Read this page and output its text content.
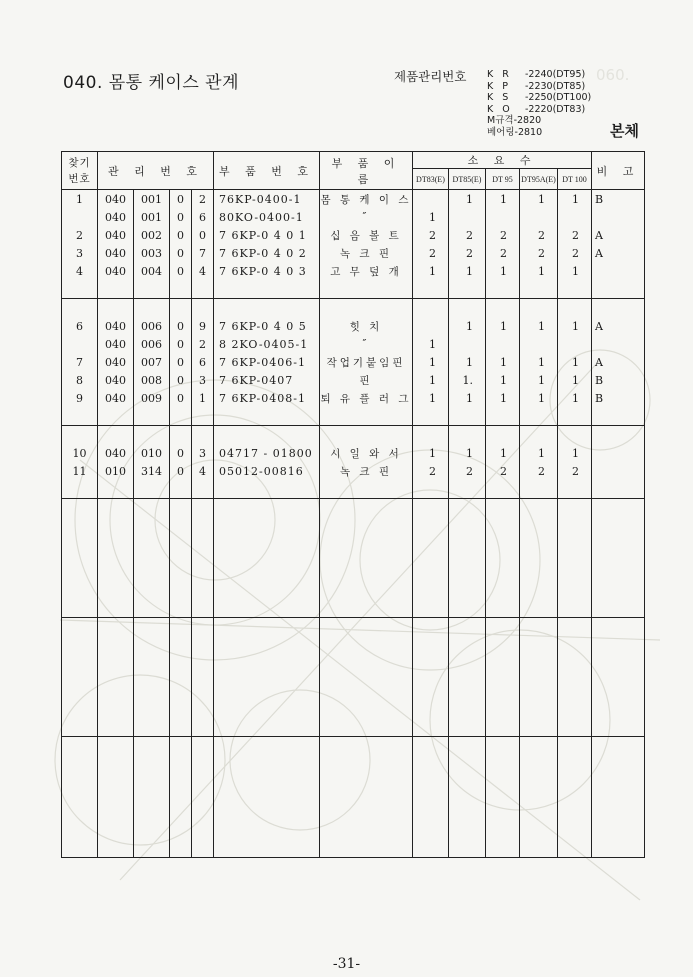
060.
040. 몸통 케이스 관계	제품관리번호 K R -2240(DT95)
K P -2230(DT85)
K S -2250(DT100)
K O -2220(DT83)
M규격-2820
베어링-2810	본체
찾기 번호	관 리 번 호				부 품 번 호	부 품 이 름	소 요 수					비 고
							DT83(E)	DT85(E)	DT 95	DT95A(E)	DT 100	
1	040	001	0	2	76KP-0400-1	몸 통 케 이 스		1	1	1	1	B
	040	001	0	6	80KO-0400-1	″	1					
2	040	002	0	0	7 6KP-0 4 0 1	십 음 볼 트	2	2	2	2	2	A
3	040	003	0	7	7 6KP-0 4 0 2	녹 크 핀	2	2	2	2	2	A
4	040	004	0	4	7 6KP-0 4 0 3	고 무 덮 개	1	1	1	1	1	

6	040	006	0	9	7 6KP-0 4 0 5	힛 치		1	1	1	1	A
	040	006	0	2	8 2KO-0405-1	″	1					
7	040	007	0	6	7 6KP-0406-1	작업기붙임핀	1	1	1	1	1	A
8	040	008	0	3	7 6KP-0407	핀	1	1.	1	1	1	B
9	040	009	0	1	7 6KP-0408-1	퇴 유 플 러 그	1	1	1	1	1	B

10	040	010	0	3	04717 - 01800	시 일 와 서	1	1	1	1	1	
11	010	314	0	4	05012-00816	녹 크 핀	2	2	2	2	2	

-31-
